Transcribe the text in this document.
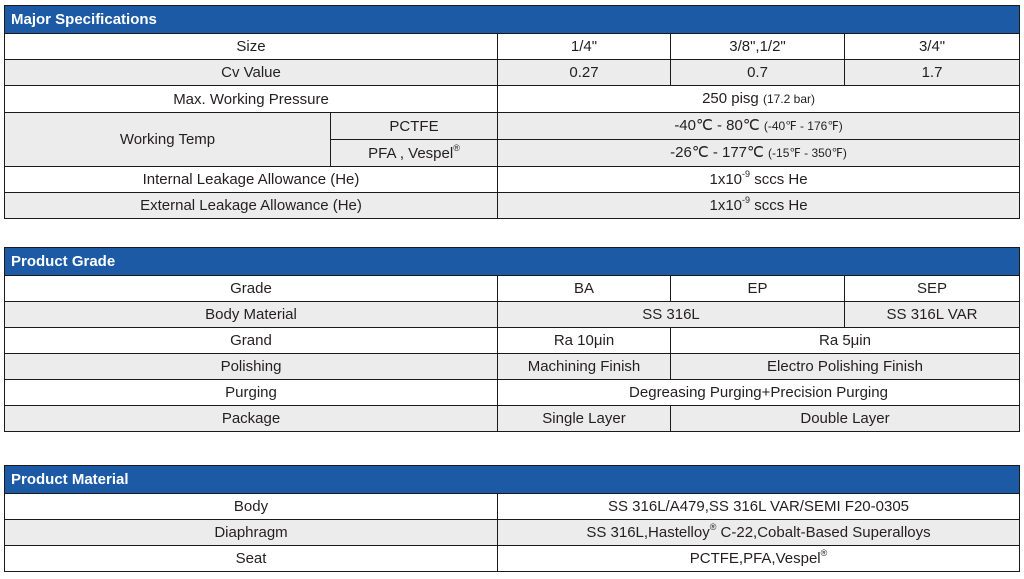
Major Specifications				
Size		1/4"	3/8",1/2"	3/4"
Cv Value		0.27	0.7	1.7
Max. Working Pressure		250 pisg (17.2 bar)		
Working Temp	PCTFE	-40℃ - 80℃ (-40℉ - 176℉)		
	PFA , Vespel®	-26℃ - 177℃ (-15℉ - 350℉)		
Internal Leakage Allowance (He)		$1x10^{-9}$ sccs He		
External Leakage Allowance (He)		$1x10^{-9}$ sccs He		
Product Grade			
Grade	BA	EP	SEP
Body Material	SS 316L		SS 316L VAR
Grand	Ra 10μin	Ra 5μin	
Polishing	Machining Finish	Electro Polishing Finish	
Purging	Degreasing Purging+Precision Purging		
Package	Single Layer	Double Layer	
Product Material	
Body	SS 316L/A479,SS 316L VAR/SEMI F20-0305
Diaphragm	SS 316L,Hastelloy® C-22,Cobalt-Based Superalloys
Seat	PCTFE,PFA,Vespel®
